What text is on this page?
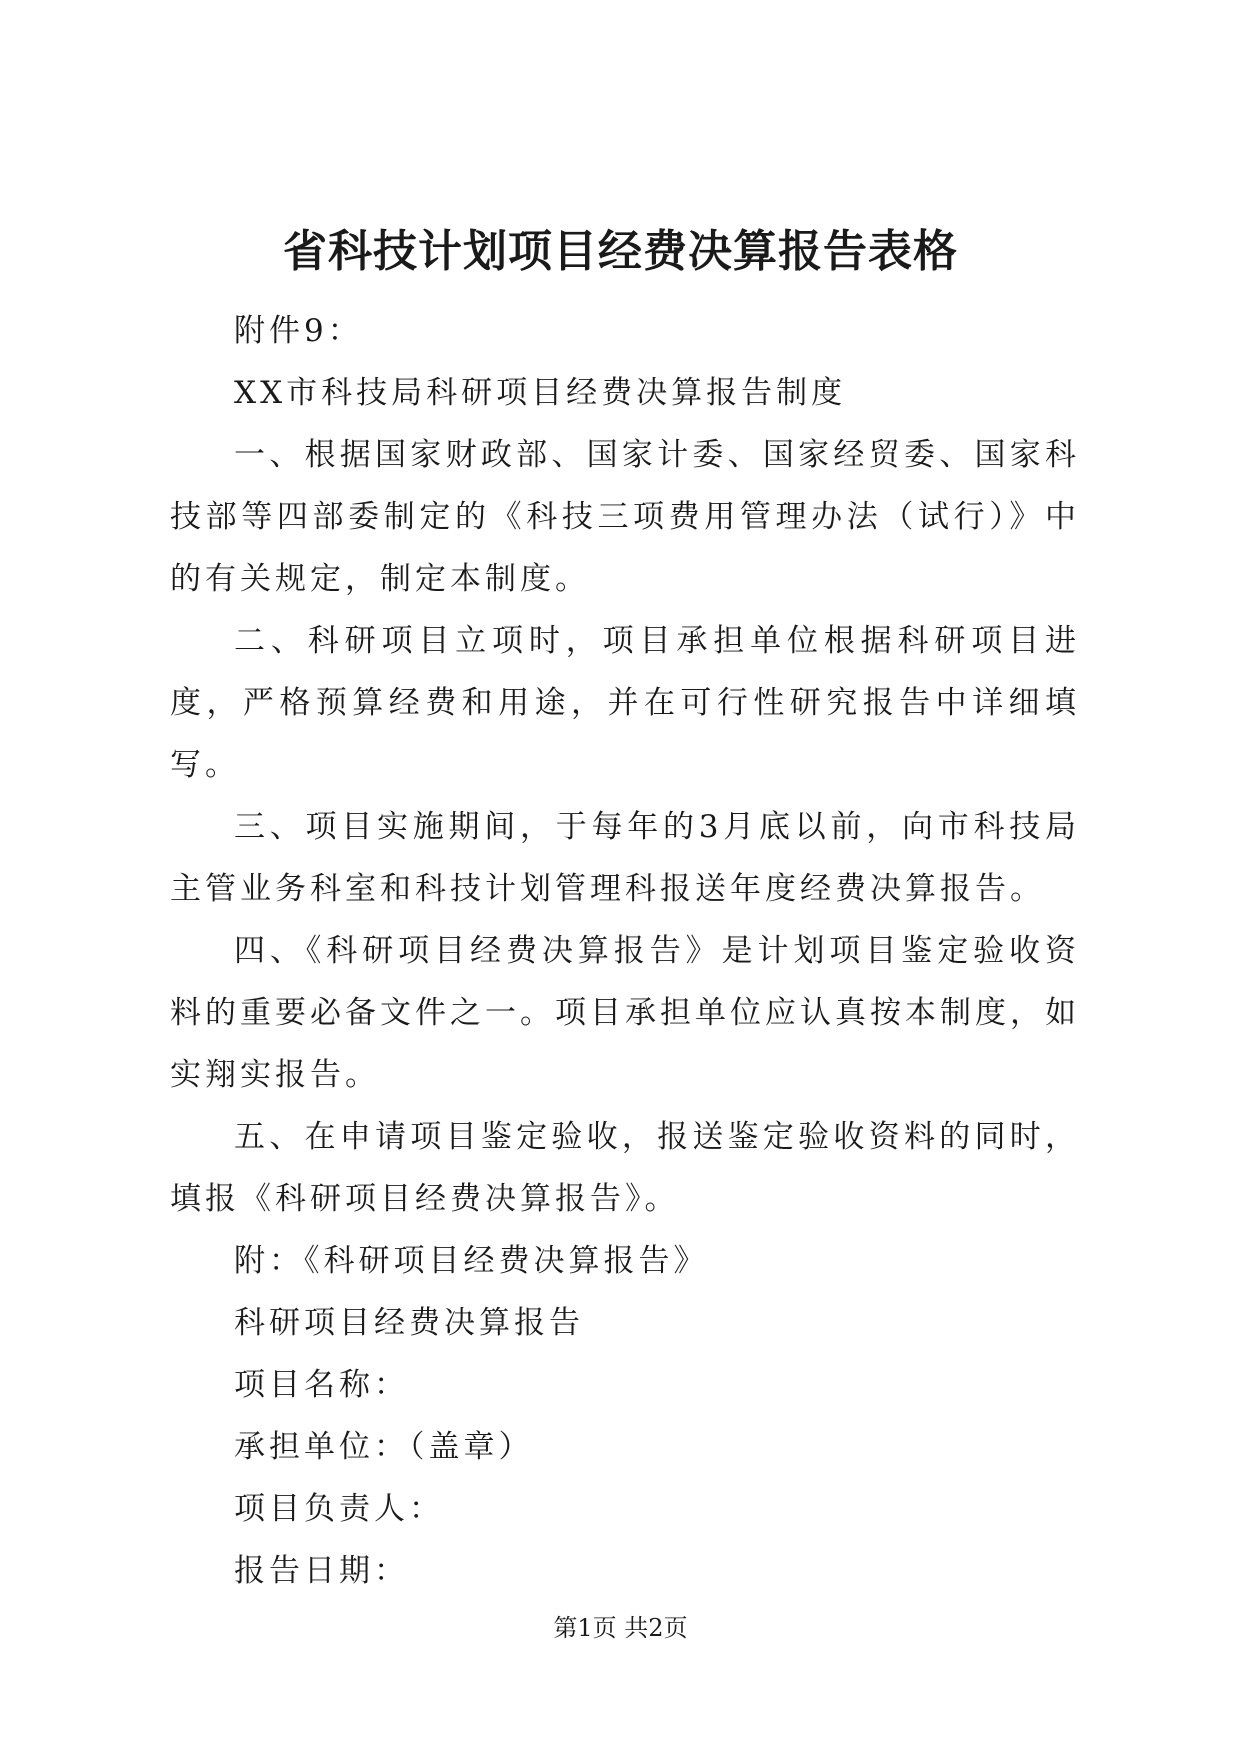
省科技计划项目经费决算报告表格

附件9：

XX市科技局科研项目经费决算报告制度

一、根据国家财政部、国家计委、国家经贸委、国家科技部等四部委制定的《科技三项费用管理办法（试行）》中的有关规定，制定本制度。

二、科研项目立项时，项目承担单位根据科研项目进度，严格预算经费和用途，并在可行性研究报告中详细填写。

三、项目实施期间，于每年的3月底以前，向市科技局主管业务科室和科技计划管理科报送年度经费决算报告。

四、《科研项目经费决算报告》是计划项目鉴定验收资料的重要必备文件之一。项目承担单位应认真按本制度，如实翔实报告。

五、在申请项目鉴定验收，报送鉴定验收资料的同时，填报《科研项目经费决算报告》。

附：《科研项目经费决算报告》

科研项目经费决算报告

项目名称：

承担单位：（盖章）

项目负责人：

报告日期：

第1页 共2页
